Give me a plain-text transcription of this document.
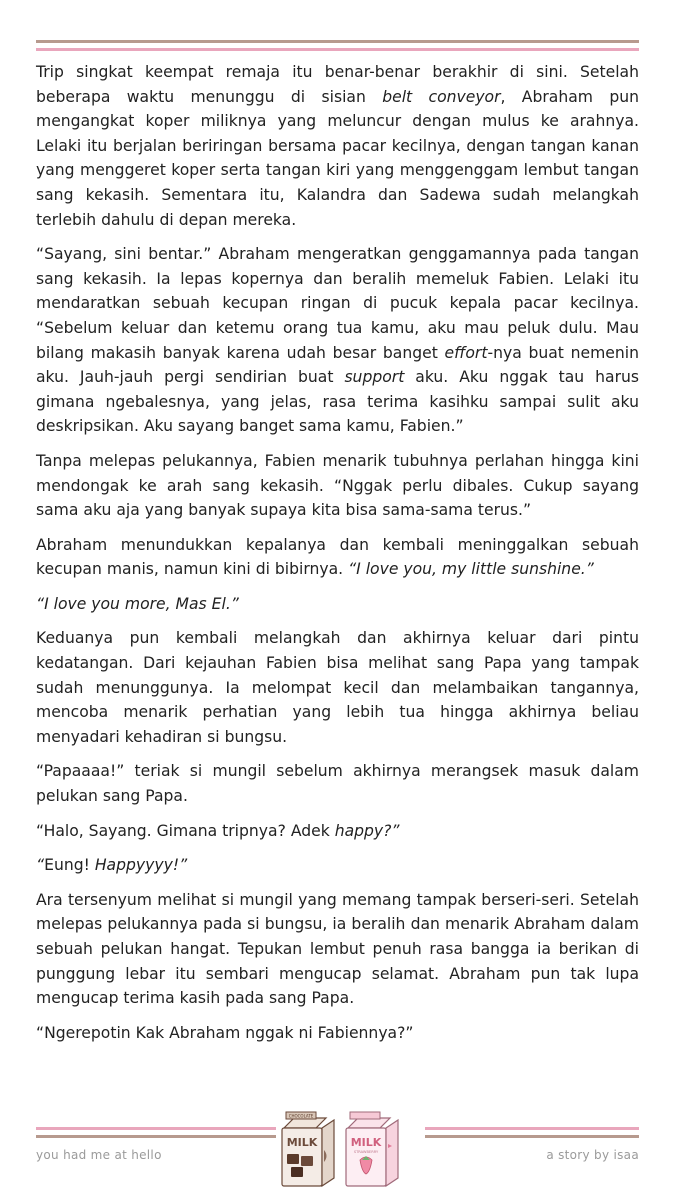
Trip singkat keempat remaja itu benar-benar berakhir di sini. Setelah beberapa waktu menunggu di sisian belt conveyor, Abraham pun mengangkat koper miliknya yang meluncur dengan mulus ke arahnya. Lelaki itu berjalan beriringan bersama pacar kecilnya, dengan tangan kanan yang menggeret koper serta tangan kiri yang menggenggam lembut tangan sang kekasih. Sementara itu, Kalandra dan Sadewa sudah melangkah terlebih dahulu di depan mereka.

“Sayang, sini bentar.” Abraham mengeratkan genggamannya pada tangan sang kekasih. Ia lepas kopernya dan beralih memeluk Fabien. Lelaki itu mendaratkan sebuah kecupan ringan di pucuk kepala pacar kecilnya. “Sebelum keluar dan ketemu orang tua kamu, aku mau peluk dulu. Mau bilang makasih banyak karena udah besar banget effort-nya buat nemenin aku. Jauh-jauh pergi sendirian buat support aku. Aku nggak tau harus gimana ngebalesnya, yang jelas, rasa terima kasihku sampai sulit aku deskripsikan. Aku sayang banget sama kamu, Fabien.”

Tanpa melepas pelukannya, Fabien menarik tubuhnya perlahan hingga kini mendongak ke arah sang kekasih. “Nggak perlu dibales. Cukup sayang sama aku aja yang banyak supaya kita bisa sama-sama terus.”

Abraham menundukkan kepalanya dan kembali meninggalkan sebuah kecupan manis, namun kini di bibirnya. “I love you, my little sunshine.”

“I love you more, Mas El.”

Keduanya pun kembali melangkah dan akhirnya keluar dari pintu kedatangan. Dari kejauhan Fabien bisa melihat sang Papa yang tampak sudah menunggunya. Ia melompat kecil dan melambaikan tangannya, mencoba menarik perhatian yang lebih tua hingga akhirnya beliau menyadari kehadiran si bungsu.

“Papaaaa!” teriak si mungil sebelum akhirnya merangsek masuk dalam pelukan sang Papa.

“Halo, Sayang. Gimana tripnya? Adek happy?”

“Eung! Happyyyy!”

Ara tersenyum melihat si mungil yang memang tampak berseri-seri. Setelah melepas pelukannya pada si bungsu, ia beralih dan menarik Abraham dalam sebuah pelukan hangat. Tepukan lembut penuh rasa bangga ia berikan di punggung lebar itu sembari mengucap selamat. Abraham pun tak lupa mengucap terima kasih pada sang Papa.

“Ngerepotin Kak Abraham nggak ni Fabiennya?”

you had me at hello	a story by isaa
CHOCOLATE
MILK	MILK
STRAWBERRY
